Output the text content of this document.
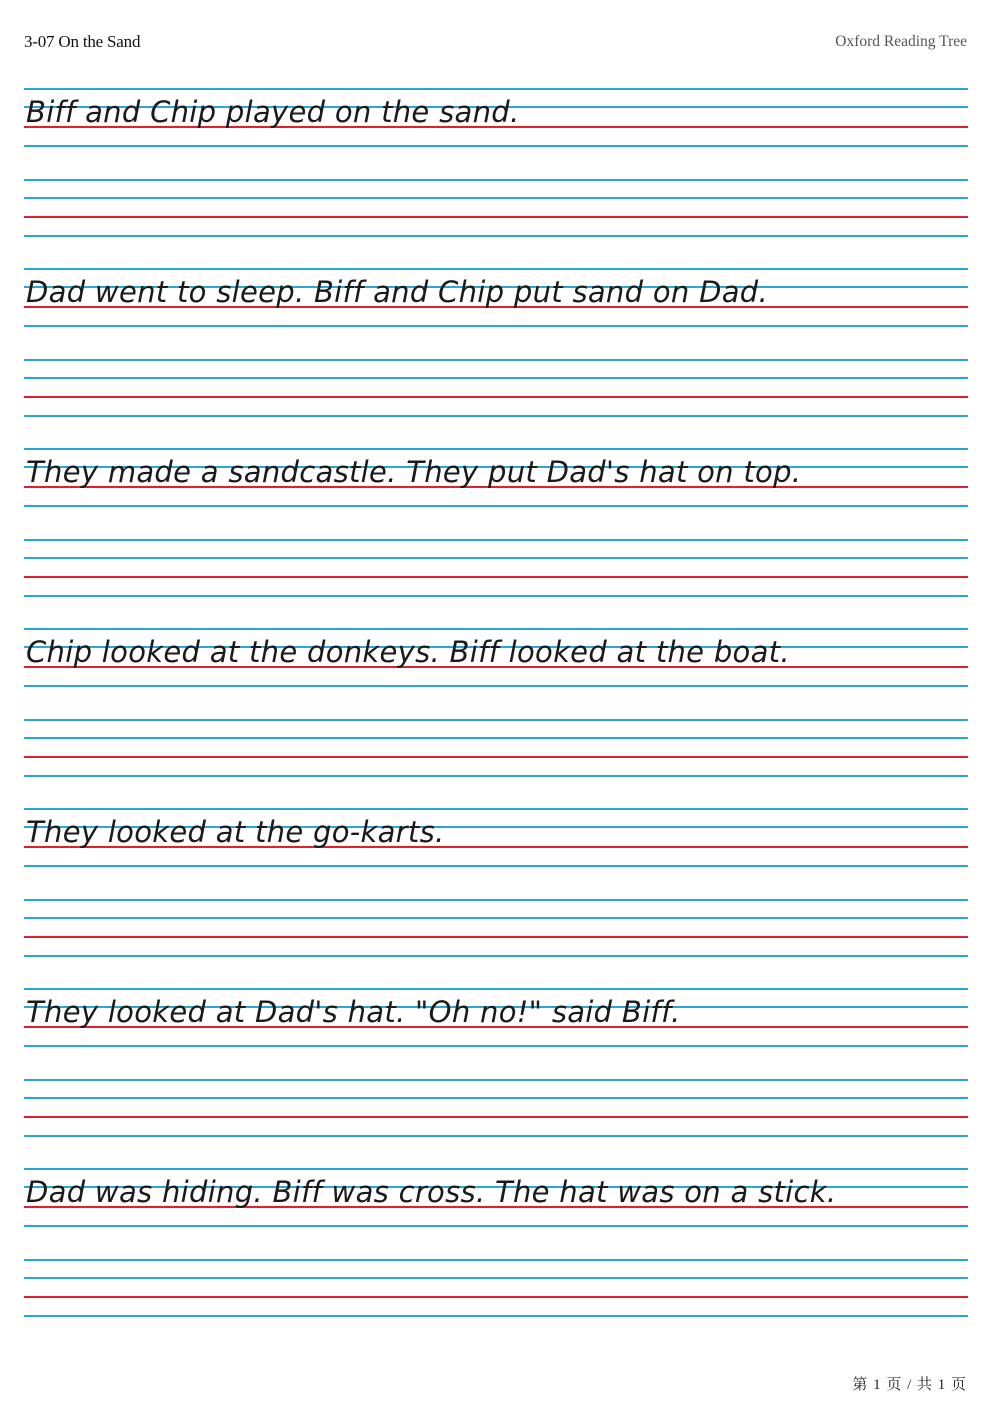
3-07 On the Sand	Oxford Reading Tree
Biff and Chip played on the sand.
Dad went to sleep. Biff and Chip put sand on Dad.
They made a sandcastle. They put Dad's hat on top.
Chip looked at the donkeys. Biff looked at the boat.
They looked at the go-karts.
They looked at Dad's hat. "Oh no!" said Biff.
Dad was hiding. Biff was cross. The hat was on a stick.
第 1 页 / 共 1 页
